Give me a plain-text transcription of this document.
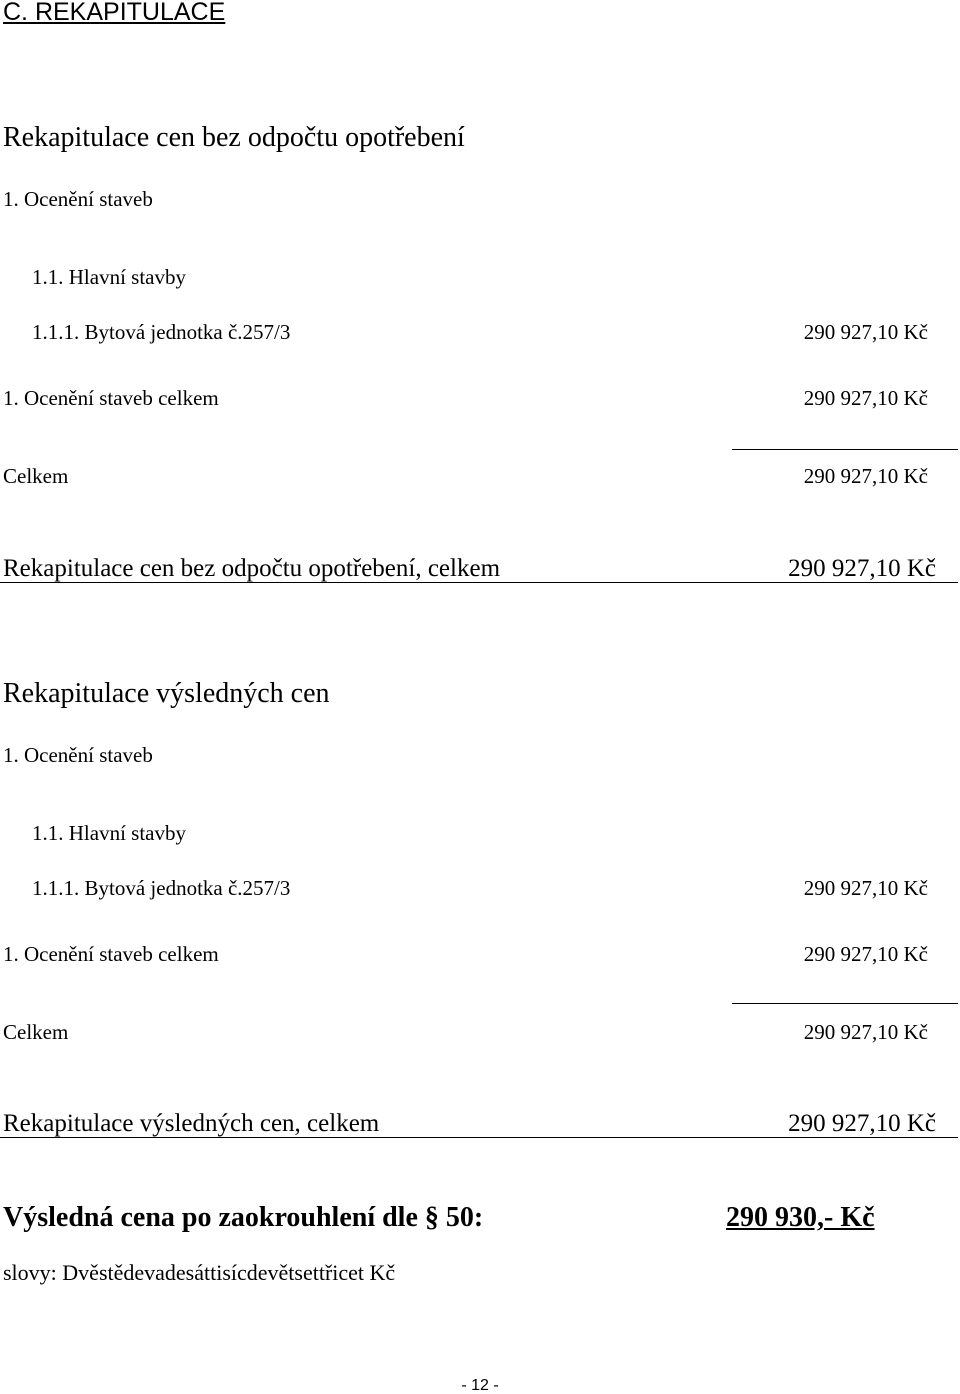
C. REKAPITULACE
Rekapitulace cen bez odpočtu opotřebení
1. Ocenění staveb
1.1. Hlavní stavby
1.1.1. Bytová jednotka č.257/3	290 927,10 Kč
1. Ocenění staveb celkem	290 927,10 Kč
Celkem	290 927,10 Kč
Rekapitulace cen bez odpočtu opotřebení, celkem	290 927,10 Kč
Rekapitulace výsledných cen
1. Ocenění staveb
1.1. Hlavní stavby
1.1.1. Bytová jednotka č.257/3	290 927,10 Kč
1. Ocenění staveb celkem	290 927,10 Kč
Celkem	290 927,10 Kč
Rekapitulace výsledných cen, celkem	290 927,10 Kč
Výsledná cena po zaokrouhlení dle § 50:	290 930,- Kč
slovy: Dvěstědevadesáttisícdevětsettřicet Kč
- 12 -
